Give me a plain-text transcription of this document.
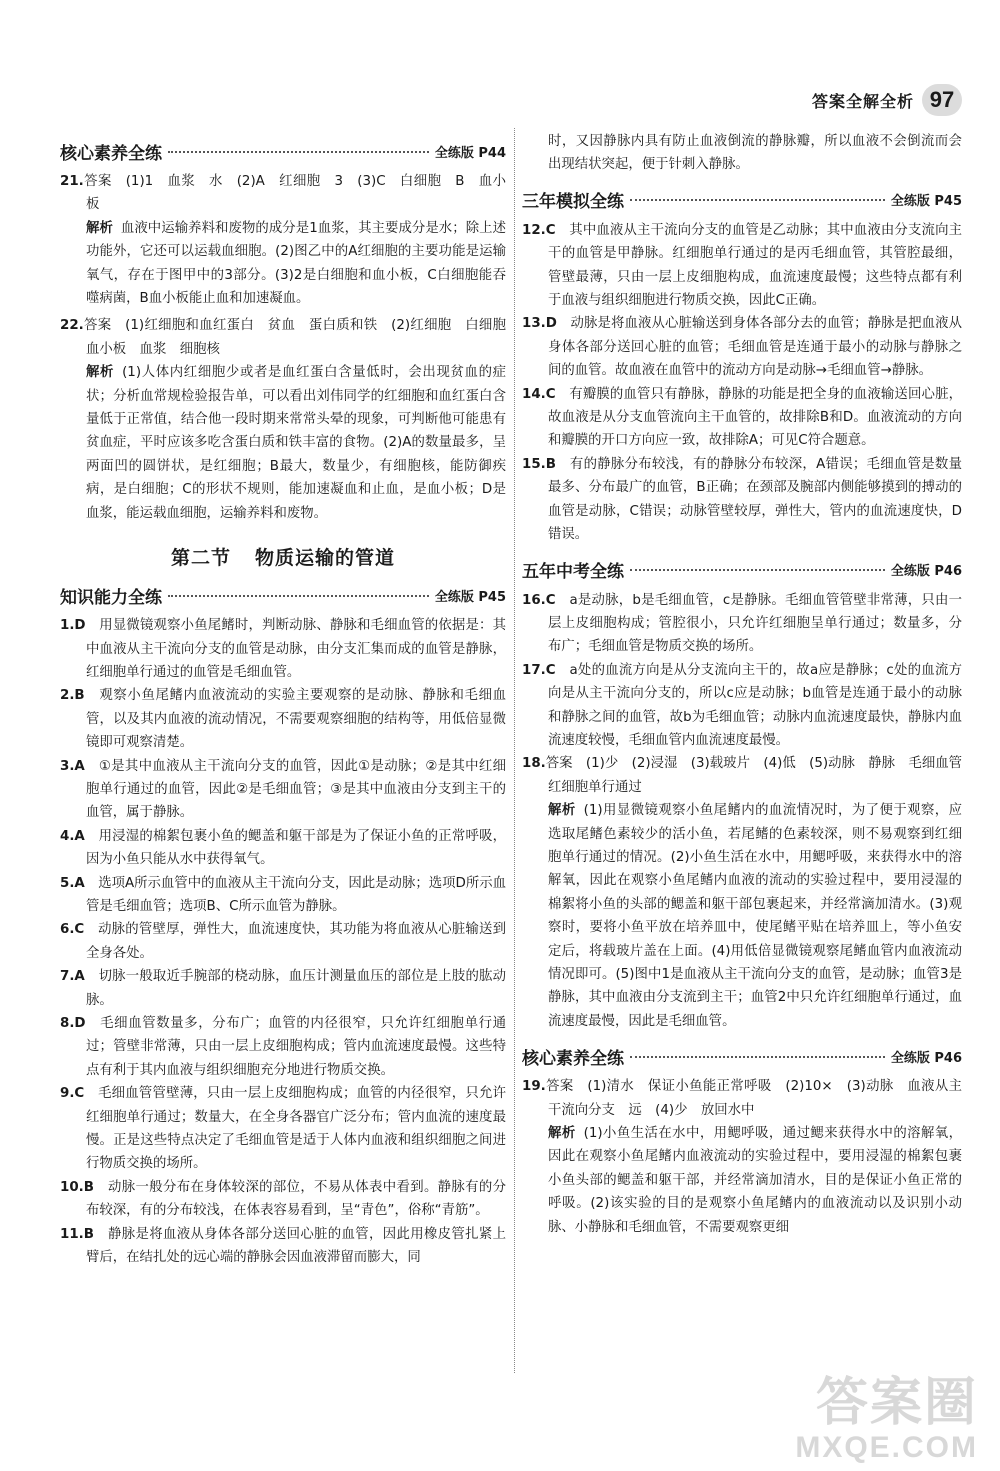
答案全解全析 97
核心素养全练	全练版 P44

21.答案　(1)1　血浆　水　(2)A　红细胞　3　(3)C　白细胞　B　血小板

解析 血液中运输养料和废物的成分是1血浆，其主要成分是水；除上述功能外，它还可以运载血细胞。(2)图乙中的A红细胞的主要功能是运输氧气，存在于图甲中的3部分。(3)2是白细胞和血小板，C白细胞能吞噬病菌，B血小板能止血和加速凝血。

22.答案　(1)红细胞和血红蛋白　贫血　蛋白质和铁　(2)红细胞　白细胞　血小板　血浆　细胞核

解析 (1)人体内红细胞少或者是血红蛋白含量低时，会出现贫血的症状；分析血常规检验报告单，可以看出刘伟同学的红细胞和血红蛋白含量低于正常值，结合他一段时期来常常头晕的现象，可判断他可能患有贫血症，平时应该多吃含蛋白质和铁丰富的食物。(2)A的数量最多，呈两面凹的圆饼状，是红细胞；B最大，数量少，有细胞核，能防御疾病，是白细胞；C的形状不规则，能加速凝血和止血，是血小板；D是血浆，能运载血细胞，运输养料和废物。

第二节 物质运输的管道
知识能力全练	全练版 P45

1.D　 用显微镜观察小鱼尾鳍时，判断动脉、静脉和毛细血管的依据是：其中血液从主干流向分支的血管是动脉，由分支汇集而成的血管是静脉，红细胞单行通过的血管是毛细血管。

2.B　 观察小鱼尾鳍内血液流动的实验主要观察的是动脉、静脉和毛细血管，以及其内血液的流动情况，不需要观察细胞的结构等，用低倍显微镜即可观察清楚。

3.A　 ①是其中血液从主干流向分支的血管，因此①是动脉；②是其中红细胞单行通过的血管，因此②是毛细血管；③是其中血液由分支到主干的血管，属于静脉。

4.A　 用浸湿的棉絮包裹小鱼的鳃盖和躯干部是为了保证小鱼的正常呼吸，因为小鱼只能从水中获得氧气。

5.A　 选项A所示血管中的血液从主干流向分支，因此是动脉；选项D所示血管是毛细血管；选项B、C所示血管为静脉。

6.C　 动脉的管壁厚，弹性大，血流速度快，其功能为将血液从心脏输送到全身各处。

7.A　 切脉一般取近手腕部的桡动脉，血压计测量血压的部位是上肢的肱动脉。

8.D　 毛细血管数量多，分布广；血管的内径很窄，只允许红细胞单行通过；管壁非常薄，只由一层上皮细胞构成；管内血流速度最慢。这些特点有利于其内血液与组织细胞充分地进行物质交换。

9.C　 毛细血管管壁薄，只由一层上皮细胞构成；血管的内径很窄，只允许红细胞单行通过；数量大，在全身各器官广泛分布；管内血流的速度最慢。正是这些特点决定了毛细血管是适于人体内血液和组织细胞之间进行物质交换的场所。

10.B　 动脉一般分布在身体较深的部位，不易从体表中看到。静脉有的分布较深，有的分布较浅，在体表容易看到，呈“青色”，俗称“青筋”。

11.B　 静脉是将血液从身体各部分送回心脏的血管，因此用橡皮管扎紧上臂后，在结扎处的远心端的静脉会因血液滞留而膨大，同

时，又因静脉内具有防止血液倒流的静脉瓣，所以血液不会倒流而会出现结状突起，便于针刺入静脉。

三年模拟全练	全练版 P45

12.C　 其中血液从主干流向分支的血管是乙动脉；其中血液由分支流向主干的血管是甲静脉。红细胞单行通过的是丙毛细血管，其管腔最细，管壁最薄，只由一层上皮细胞构成，血流速度最慢；这些特点都有利于血液与组织细胞进行物质交换，因此C正确。

13.D　 动脉是将血液从心脏输送到身体各部分去的血管；静脉是把血液从身体各部分送回心脏的血管；毛细血管是连通于最小的动脉与静脉之间的血管。故血液在血管中的流动方向是动脉→毛细血管→静脉。

14.C　 有瓣膜的血管只有静脉，静脉的功能是把全身的血液输送回心脏，故血液是从分支血管流向主干血管的，故排除B和D。血液流动的方向和瓣膜的开口方向应一致，故排除A；可见C符合题意。

15.B　 有的静脉分布较浅，有的静脉分布较深，A错误；毛细血管是数量最多、分布最广的血管，B正确；在颈部及腕部内侧能够摸到的搏动的血管是动脉，C错误；动脉管壁较厚，弹性大，管内的血流速度快，D错误。

五年中考全练	全练版 P46

16.C　 a是动脉，b是毛细血管，c是静脉。毛细血管管壁非常薄，只由一层上皮细胞构成；管腔很小，只允许红细胞呈单行通过；数量多，分布广；毛细血管是物质交换的场所。

17.C　 a处的血流方向是从分支流向主干的，故a应是静脉；c处的血流方向是从主干流向分支的，所以c应是动脉；b血管是连通于最小的动脉和静脉之间的血管，故b为毛细血管；动脉内血流速度最快，静脉内血流速度较慢，毛细血管内血流速度最慢。

18.答案　(1)少　(2)浸湿　(3)载玻片　(4)低　(5)动脉　静脉　毛细血管　红细胞单行通过

解析 (1)用显微镜观察小鱼尾鳍内的血流情况时，为了便于观察，应选取尾鳍色素较少的活小鱼，若尾鳍的色素较深，则不易观察到红细胞单行通过的情况。(2)小鱼生活在水中，用鳃呼吸，来获得水中的溶解氧，因此在观察小鱼尾鳍内血液的流动的实验过程中，要用浸湿的棉絮将小鱼的头部的鳃盖和躯干部包裹起来，并经常滴加清水。(3)观察时，要将小鱼平放在培养皿中，使尾鳍平贴在培养皿上，等小鱼安定后，将载玻片盖在上面。(4)用低倍显微镜观察尾鳍血管内血液流动情况即可。(5)图中1是血液从主干流向分支的血管，是动脉；血管3是静脉，其中血液由分支流到主干；血管2中只允许红细胞单行通过，血流速度最慢，因此是毛细血管。

核心素养全练	全练版 P46

19.答案　(1)清水　保证小鱼能正常呼吸　(2)10×　(3)动脉　血液从主干流向分支　远　(4)少　放回水中

解析 (1)小鱼生活在水中，用鳃呼吸，通过鳃来获得水中的溶解氧，因此在观察小鱼尾鳍内血液流动的实验过程中，要用浸湿的棉絮包裹小鱼头部的鳃盖和躯干部，并经常滴加清水，目的是保证小鱼正常的呼吸。(2)该实验的目的是观察小鱼尾鳍内的血液流动以及识别小动脉、小静脉和毛细血管，不需要观察更细

答案圈
MXQE.COM
